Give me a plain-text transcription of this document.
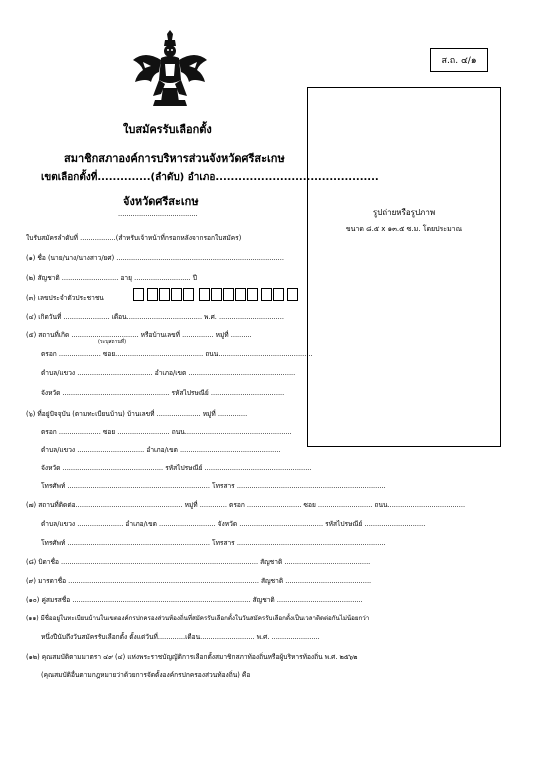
ส.ถ. ๔/๑
ใบสมัครรับเลือกตั้ง
สมาชิกสภาองค์การบริหารส่วนจังหวัดศรีสะเกษ
เขตเลือกตั้งที่..............(ลำดับ) อำเภอ...........................................
จังหวัดศรีสะเกษ
......................................	รูปถ่ายหรือรูปภาพ
ขนาด ๘.๕ x ๑๓.๕ ซ.ม. โดยประมาณ
ใบรับสมัครลำดับที่ .................(สำหรับเจ้าหน้าที่กรอกหลังจากรอกใบสมัคร)
(๑) ชื่อ (นาย/นาง/นางสาว/ยศ) ................................................................................
(๒) สัญชาติ ........................... อายุ ........................... ปี
(๓) เลขประจำตัวประชาชน
(๔) เกิดวันที่ ...................... เดือน.................................... พ.ศ. ...............................
(๕) สถานที่เกิด ................................ หรือบ้านเลขที่ ............... หมู่ที่ ..........
(ระบุสถานที่)
ตรอก .................... ซอย.......................................... ถนน.............................................
ตำบล/แขวง .................................... อำเภอ/เขต ...................................................
จังหวัด ................................................... รหัสไปรษณีย์ ...................................
(๖) ที่อยู่ปัจจุบัน (ตามทะเบียนบ้าน) บ้านเลขที่ ..................... หมู่ที่ ..............
ตรอก .................... ซอย ......................... ถนน...................................................
ตำบล/แขวง ................................ อำเภอ/เขต ................................................
จังหวัด ................................................ รหัสไปรษณีย์ ...................................................
โทรศัพท์ .................................................................... โทรสาร .......................................................................
(๗) สถานที่ติดต่อ................................................... หมู่ที่ ............. ตรอก .......................... ซอย .......................... ถนน.....................................
ตำบล/แขวง ...................... อำเภอ/เขต ........................... จังหวัด ........................................ รหัสไปรษณีย์ .............................
โทรศัพท์ .................................................................... โทรสาร .......................................................................
(๘) บิดาชื่อ .............................................................................................. สัญชาติ .........................................
(๙) มารดาชื่อ ........................................................................................... สัญชาติ .........................................
(๑๐) คู่สมรสชื่อ ..................................................................................... สัญชาติ .........................................
(๑๑) มีชื่ออยู่ในทะเบียนบ้านในเขตองค์กรปกครองส่วนท้องถิ่นที่สมัครรับเลือกตั้งในวันสมัครรับเลือกตั้งเป็นเวลาติดต่อกันไม่น้อยกว่า
หนึ่งปีนับถึงวันสมัครรับเลือกตั้ง ตั้งแต่วันที่.............เดือน.......................... พ.ศ. .......................
(๑๒) คุณสมบัติตามมาตรา ๔๙ (๔) แห่งพระราชบัญญัติการเลือกตั้งสมาชิกสภาท้องถิ่นหรือผู้บริหารท้องถิ่น พ.ศ. ๒๕๖๒
(คุณสมบัติอื่นตามกฎหมายว่าด้วยการจัดตั้งองค์กรปกครองส่วนท้องถิ่น) คือ
